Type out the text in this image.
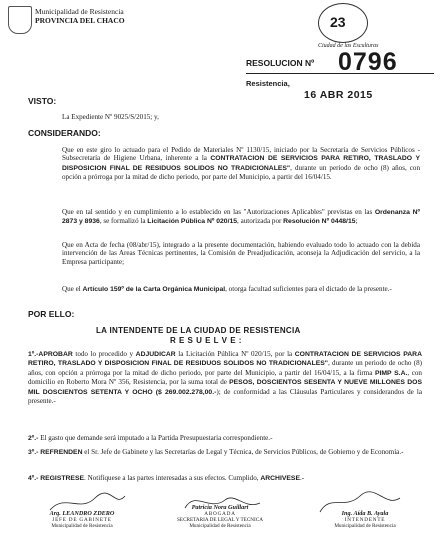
Municipalidad de Resistencia
PROVINCIA DEL CHACO	23
Ciudad de las Esculturas
RESOLUCION Nº 0796
Resistencia,
16 ABR 2015
VISTO:
La Expediente Nº 9025/S/2015; y,
CONSIDERANDO:
Que en este giro lo actuado para el Pedido de Materiales Nº 1130/15, iniciado por la Secretaría de Servicios Públicos - Subsecretaría de Higiene Urbana, inherente a la CONTRATACION DE SERVICIOS PARA RETIRO, TRASLADO Y DISPOSICION FINAL DE RESIDUOS SOLIDOS NO TRADICIONALES", durante un periodo de ocho (8) años, con opción a prórroga por la mitad de dicho periodo, por parte del Municipio, a partir del 16/04/15.
Que en tal sentido y en cumplimiento a lo establecido en las "Autorizaciones Aplicables" previstas en las Ordenanza Nº 2873 y 8936, se formalizó la Licitación Pública Nº 020/15, autorizada por Resolución Nº 0448/15;
Que en Acta de fecha (08/abr/15), integrado a la presente documentación, habiendo evaluado todo lo actuado con la debida intervención de las Areas Técnicas pertinentes, la Comisión de Preadjudicación, aconseja la Adjudicación del servicio, a la Empresa participante;
Que el Artículo 159º de la Carta Orgánica Municipal, otorga facultad suficientes para el dictado de la presente.-
POR ELLO:
LA INTENDENTE DE LA CIUDAD DE RESISTENCIA
R E S U E L V E :
1º.-APROBAR todo lo procedido y ADJUDICAR la Licitación Pública Nº 020/15, por la CONTRATACION DE SERVICIOS PARA RETIRO, TRASLADO Y DISPOSICION FINAL DE RESIDUOS SOLIDOS NO TRADICIONALES", durante un periodo de ocho (8) años, con opción a prórroga por la mitad de dicho periodo, por parte del Municipio, a partir del 16/04/15, a la firma PIMP S.A., con domicilio en Roberto Mora Nº 356, Resistencia, por la suma total de PESOS, DOSCIENTOS SESENTA Y NUEVE MILLONES DOS MIL DOSCIENTOS SETENTA Y OCHO ($ 269.002.278,00.-); de conformidad a las Cláusulas Particulares y considerandos de la presente.-
2º.- El gasto que demande será imputado a la Partida Presupuestaria correspondiente.-
3º.- REFRENDEN el Sr. Jefe de Gabinete y las Secretarías de Legal y Técnica, de Servicios Públicos, de Gobierno y de Economía.-
4º.- REGISTRESE. Notifíquese a las partes interesadas a sus efectos. Cumplido, ARCHIVESE.-
Arq. LEANDRO ZDERO
JEFE DE GABINETE
Municipalidad de Resistencia
Patricia Nora Guillart
ABOGADA
SECRETARIA DE LEGAL Y TECNICA
Municipalidad de Resistencia
Ing. Aída B. Ayala
INTENDENTE
Municipalidad de Resistencia
